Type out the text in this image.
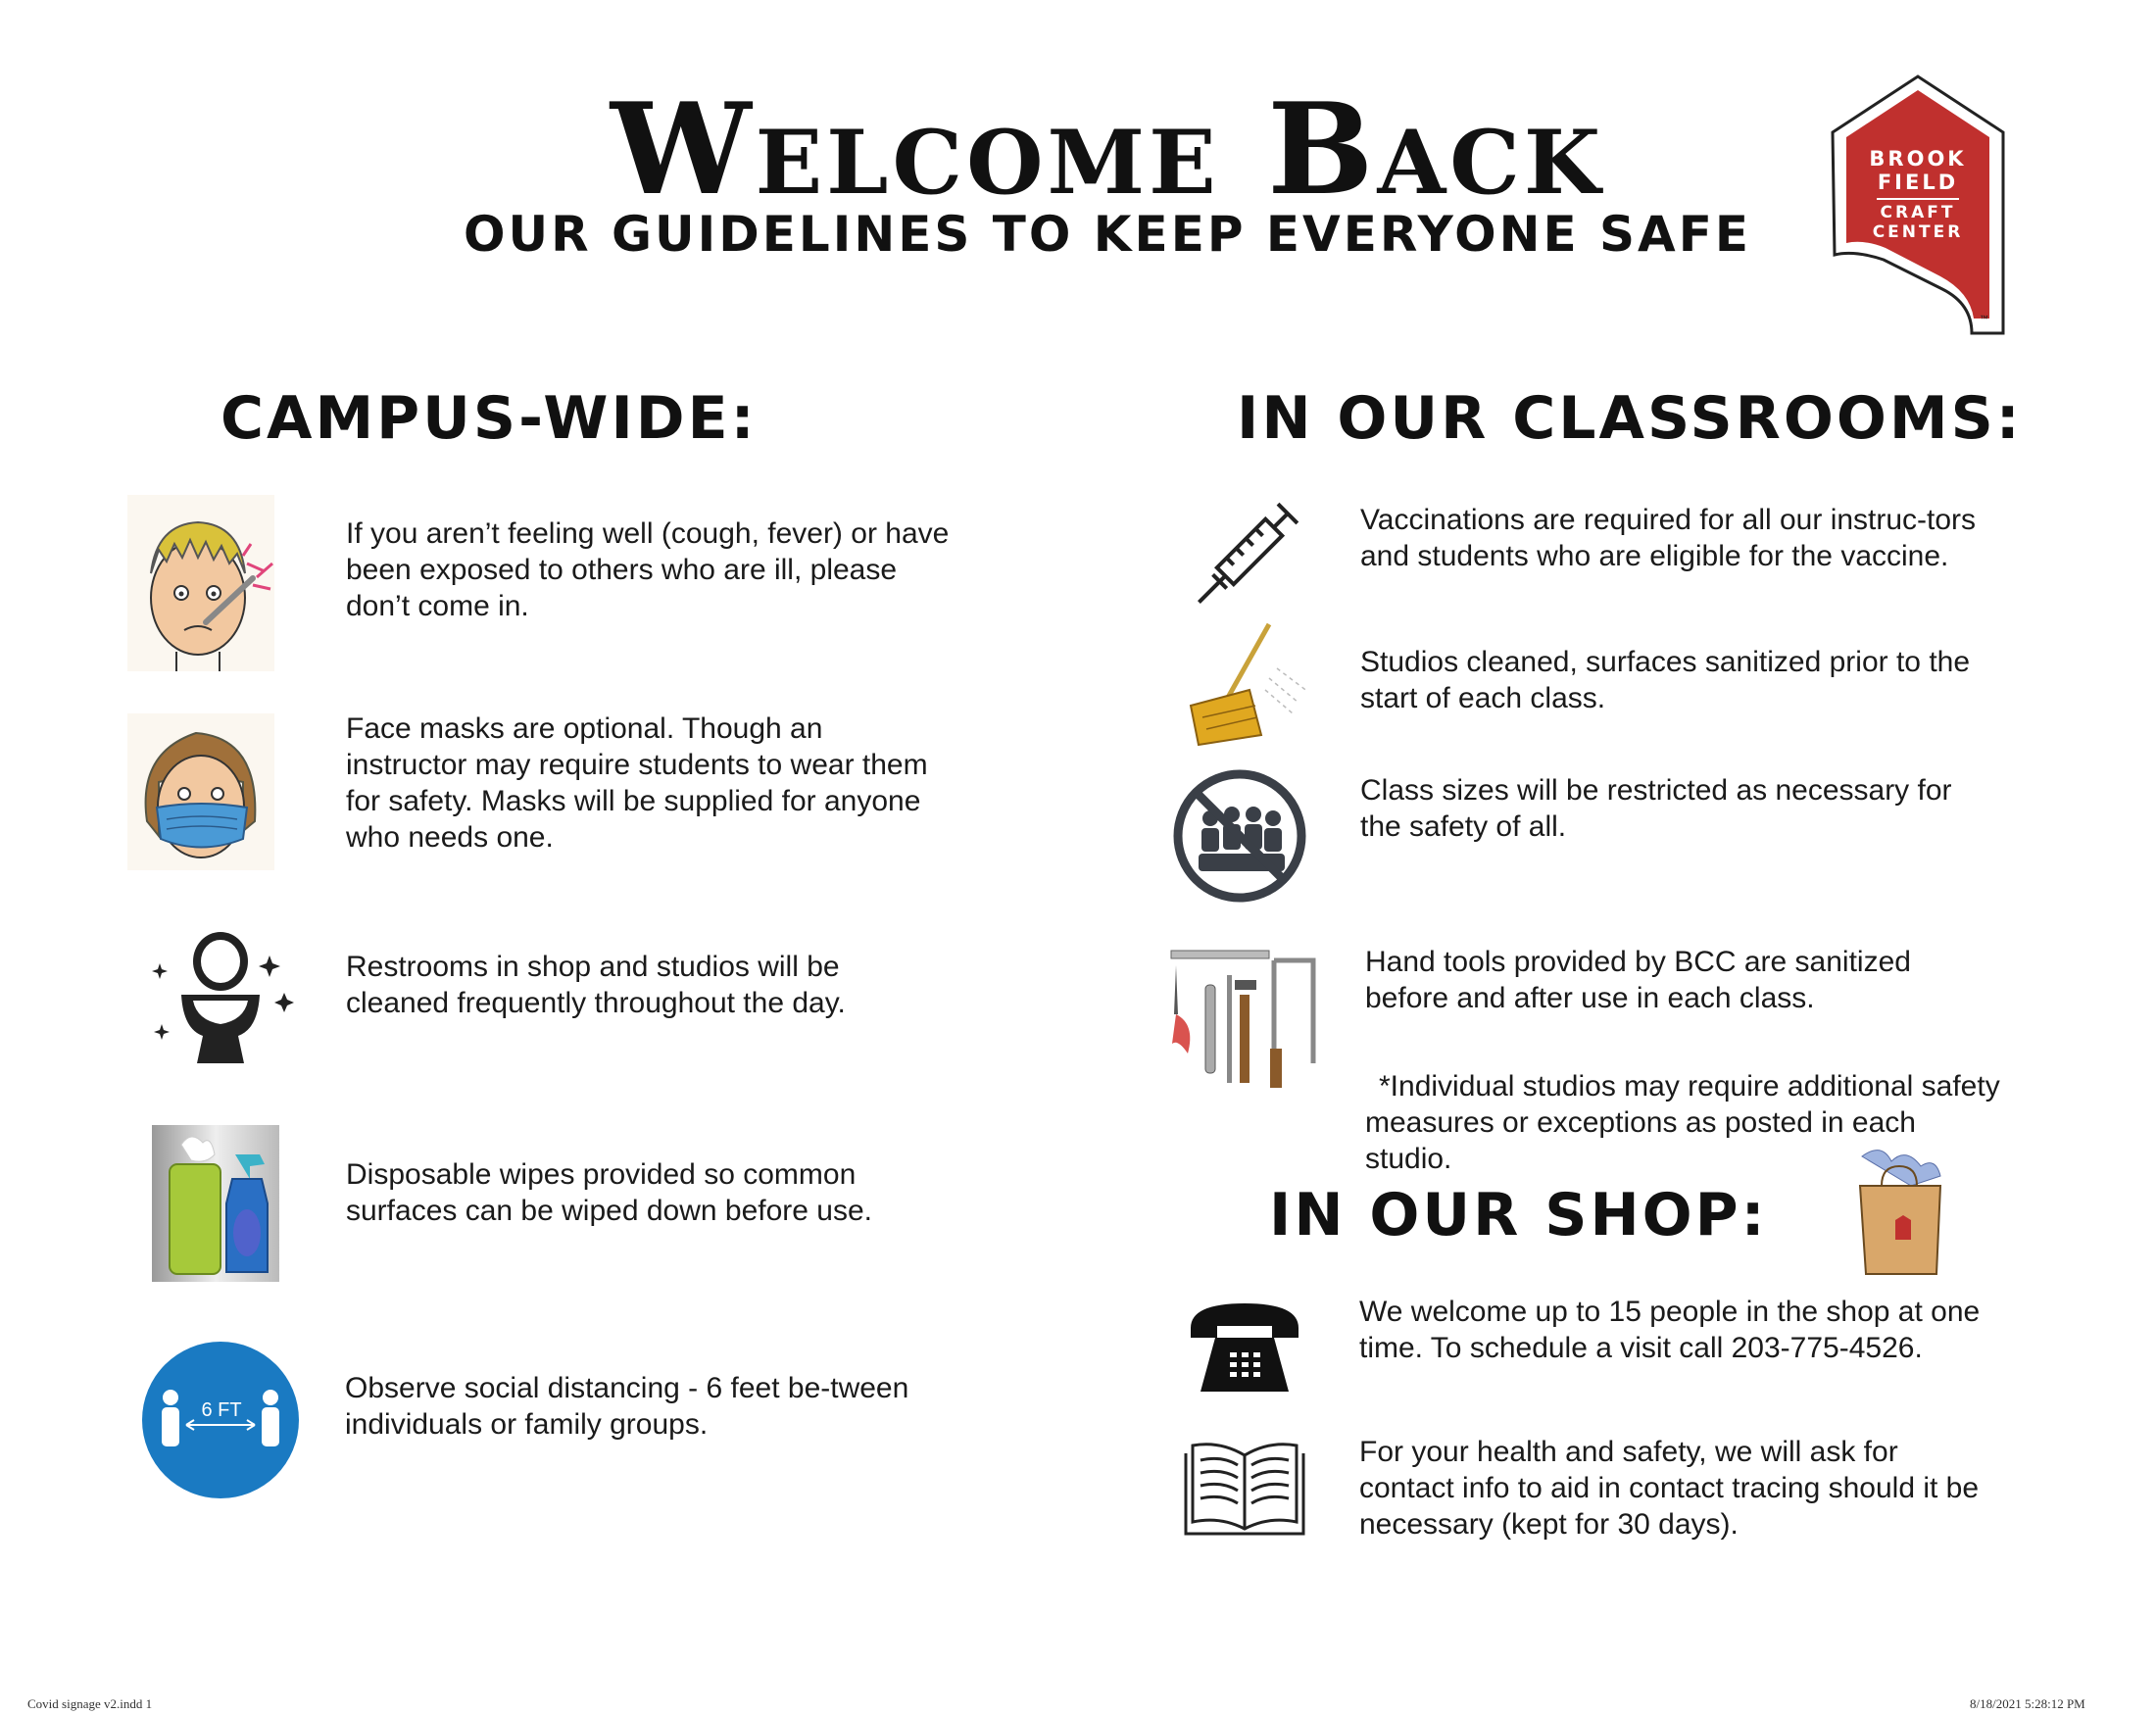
Welcome Back
OUR GUIDELINES TO KEEP EVERYONE SAFE
BROOK
FIELD
CRAFT
CENTER
™
CAMPUS-WIDE:
If you aren’t feeling well (cough, fever) or have been exposed to others who are ill, please don’t come in.
Face masks are optional. Though an instructor may require students to wear them for safety. Masks will be supplied for anyone who needs one.
Restrooms in shop and studios will be cleaned frequently throughout the day.
Disposable wipes provided so common surfaces can be wiped down before use.
6 FT
Observe social distancing - 6 feet be-tween individuals or family groups.
IN OUR CLASSROOMS:
Vaccinations are required for all our instruc-tors and students who are eligible for the vaccine.
Studios cleaned, surfaces sanitized prior to the start of each class.
Class sizes will be restricted as necessary for the safety of all.
Hand tools provided by BCC are sanitized before and after use in each class.
*Individual studios may require additional safety measures or exceptions as posted in each studio.
IN OUR SHOP:
We welcome up to 15 people in the shop at one time. To schedule a visit call 203-775-4526.
For your health and safety, we will ask for contact info to aid in contact tracing should it be necessary (kept for 30 days).
Covid signage v2.indd 1	8/18/2021 5:28:12 PM
